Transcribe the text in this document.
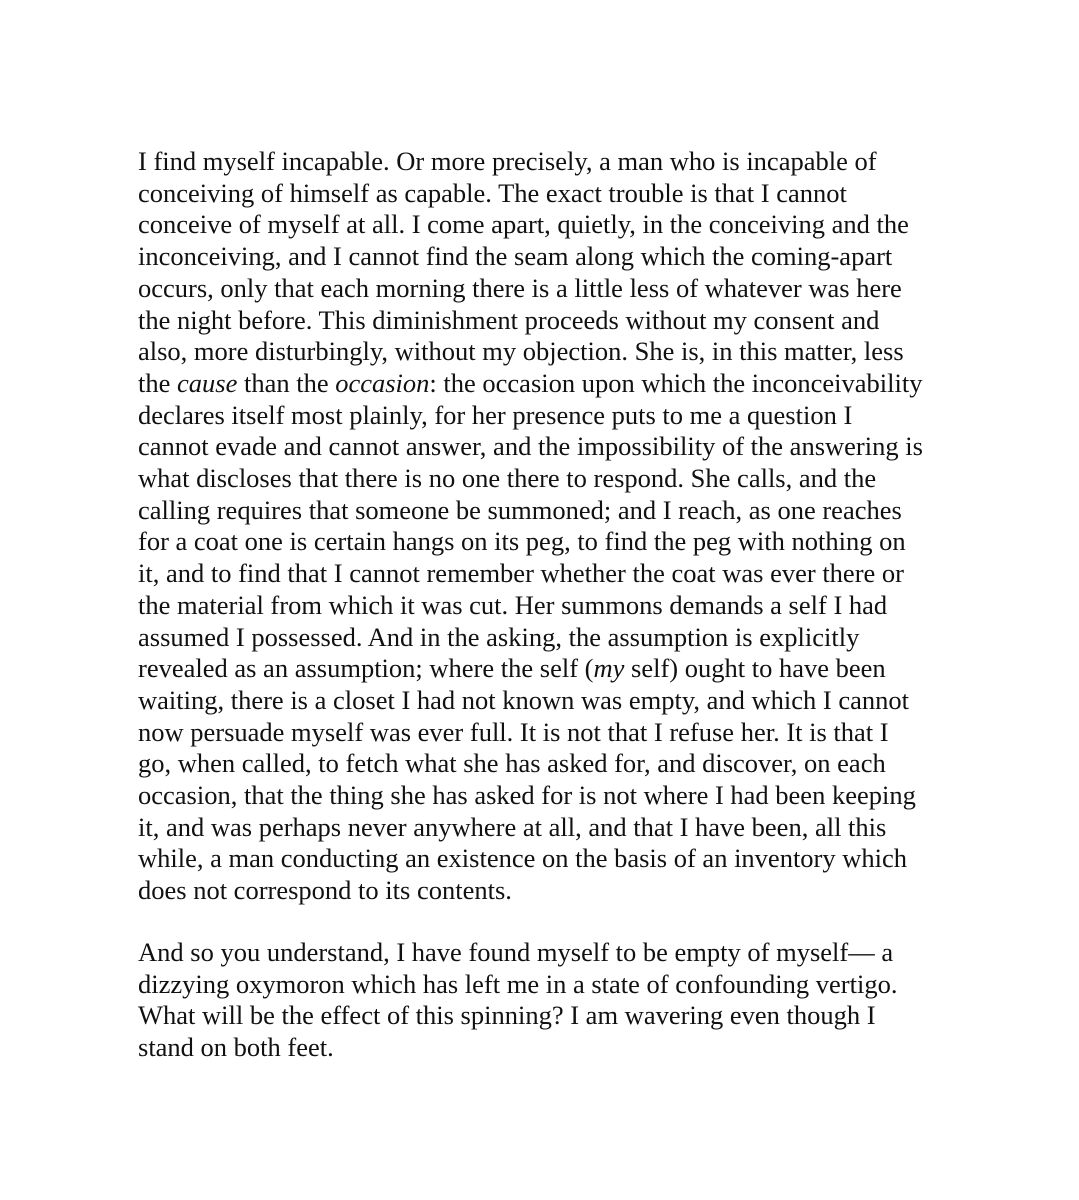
I find myself incapable. Or more precisely, a man who is incapable of
conceiving of himself as capable. The exact trouble is that I cannot
conceive of myself at all. I come apart, quietly, in the conceiving and the
inconceiving, and I cannot find the seam along which the coming-apart
occurs, only that each morning there is a little less of whatever was here
the night before. This diminishment proceeds without my consent and
also, more disturbingly, without my objection. She is, in this matter, less
the cause than the occasion: the occasion upon which the inconceivability
declares itself most plainly, for her presence puts to me a question I
cannot evade and cannot answer, and the impossibility of the answering is
what discloses that there is no one there to respond. She calls, and the
calling requires that someone be summoned; and I reach, as one reaches
for a coat one is certain hangs on its peg, to find the peg with nothing on
it, and to find that I cannot remember whether the coat was ever there or
the material from which it was cut. Her summons demands a self I had
assumed I possessed. And in the asking, the assumption is explicitly
revealed as an assumption; where the self (my self) ought to have been
waiting, there is a closet I had not known was empty, and which I cannot
now persuade myself was ever full. It is not that I refuse her. It is that I
go, when called, to fetch what she has asked for, and discover, on each
occasion, that the thing she has asked for is not where I had been keeping
it, and was perhaps never anywhere at all, and that I have been, all this
while, a man conducting an existence on the basis of an inventory which
does not correspond to its contents.

And so you understand, I have found myself to be empty of myself— a
dizzying oxymoron which has left me in a state of confounding vertigo.
What will be the effect of this spinning? I am wavering even though I
stand on both feet.
